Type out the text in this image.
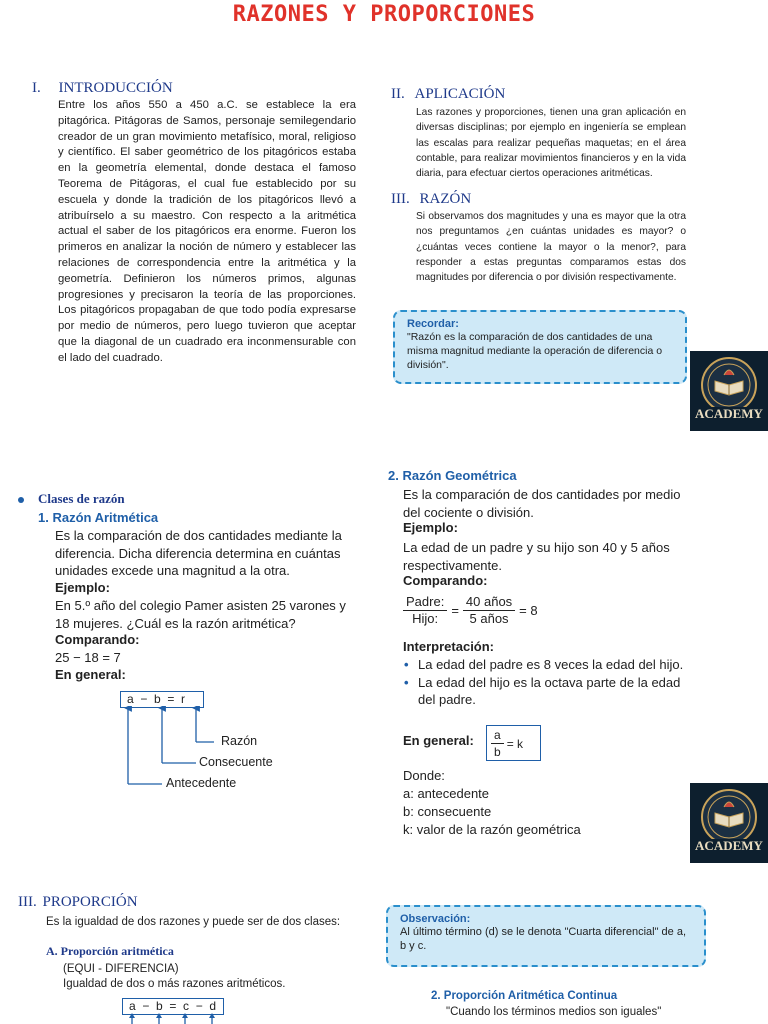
RAZONES Y PROPORCIONES
I. INTRODUCCIÓN
Entre los años 550 a 450 a.C. se establece la era pitagórica. Pitágoras de Samos, personaje semilegendario creador de un gran movimiento metafísico, moral, religioso y científico. El saber geométrico de los pitagóricos estaba en la geometría elemental, donde destaca el famoso Teorema de Pitágoras, el cual fue establecido por su escuela y donde la tradición de los pitagóricos llevó a atribuírselo a su maestro. Con respecto a la aritmética actual el saber de los pitagóricos era enorme. Fueron los primeros en analizar la noción de número y establecer las relaciones de correspondencia entre la aritmética y la geometría. Definieron los números primos, algunas progresiones y precisaron la teoría de las proporciones. Los pitagóricos propagaban de que todo podía expresarse por medio de números, pero luego tuvieron que aceptar que la diagonal de un cuadrado era inconmensurable con el lado del cuadrado.
II. APLICACIÓN
Las razones y proporciones, tienen una gran aplicación en diversas disciplinas; por ejemplo en ingeniería se emplean las escalas para realizar pequeñas maquetas; en el área contable, para realizar movimientos financieros y en la vida diaria, para efectuar ciertos operaciones aritméticas.
III. RAZÓN
Si observamos dos magnitudes y una es mayor que la otra nos preguntamos ¿en cuántas unidades es mayor? o ¿cuántas veces contiene la mayor o la menor?, para responder a estas preguntas comparamos estas dos magnitudes por diferencia o por división respectivamente.
Recordar:
"Razón es la comparación de dos cantidades de una misma magnitud mediante la operación de diferencia o división".
ACADEMY
Clases de razón
1. Razón Aritmética
Es la comparación de dos cantidades mediante la diferencia. Dicha diferencia determina en cuántas unidades excede una magnitud a la otra.
Ejemplo:
En 5.º año del colegio Pamer asisten 25 varones y 18 mujeres. ¿Cuál es la razón aritmética?
Comparando:
25 − 18 = 7
En general:
a  −  b  =  r
Razón
Consecuente
Antecedente
2. Razón Geométrica
Es la comparación de dos cantidades por medio del cociente o división.
Ejemplo:
La edad de un padre y su hijo son 40 y 5 años respectivamente.
Comparando:
Padre:
Hijo:
=
40 años
5 años
= 8
Interpretación:
• La edad del padre es 8 veces la edad del hijo.
• La edad del hijo es la octava parte de la edad del padre.
En general: $\frac{a}{b} = k$
Donde:
a: antecedente
b: consecuente
k: valor de la razón geométrica
ACADEMY
III. PROPORCIÓN
Es la igualdad de dos razones y puede ser de dos clases:
A. Proporción aritmética
(EQUI - DIFERENCIA)
Igualdad de dos o más razones aritméticos.
a  −  b  =  c  −  d
Observación:
Al último término (d) se le denota "Cuarta diferencial" de a, b y c.
2. Proporción Aritmética Continua
"Cuando los términos medios son iguales"
